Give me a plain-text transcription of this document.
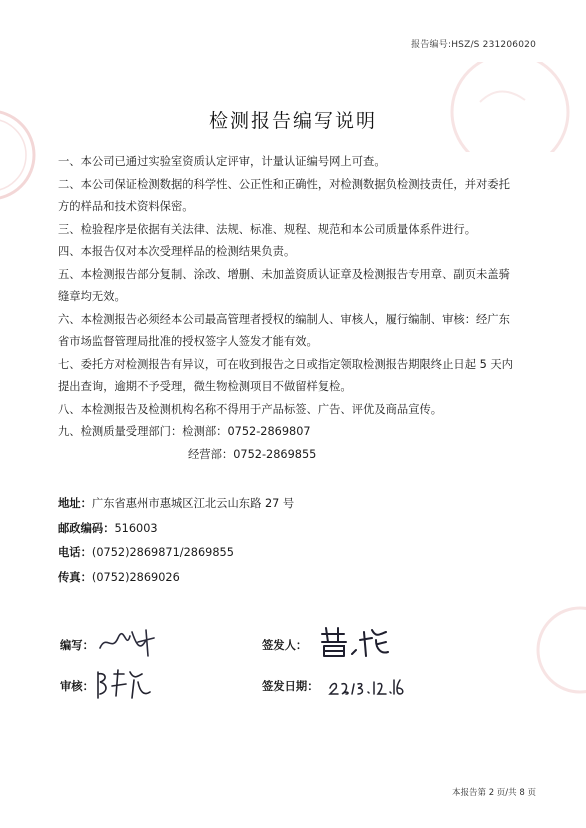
报告编号:HSZ/S 231206020
检测报告编写说明

一、本公司已通过实验室资质认定评审，计量认证编号网上可查。

二、本公司保证检测数据的科学性、公正性和正确性，对检测数据负检测技责任，并对委托

方的样品和技术资料保密。

三、检验程序是依据有关法律、法规、标准、规程、规范和本公司质量体系件进行。

四、本报告仅对本次受理样品的检测结果负责。

五、本检测报告部分复制、涂改、增删、未加盖资质认证章及检测报告专用章、副页未盖骑

缝章均无效。

六、本检测报告必须经本公司最高管理者授权的编制人、审核人，履行编制、审核：经广东

省市场监督管理局批准的授权签字人签发才能有效。

七、委托方对检测报告有异议，可在收到报告之日或指定领取检测报告期限终止日起 5 天内

提出查询，逾期不予受理，微生物检测项目不做留样复检。

八、本检测报告及检测机构名称不得用于产品标签、广告、评优及商品宣传。

九、检测质量受理部门：检测部：0752-2869807

经营部：0752-2869855

地址：广东省惠州市惠城区江北云山东路 27 号
邮政编码：516003
电话：(0752)2869871/2869855
传真：(0752)2869026
编写：	签发人：
审核：	签发日期：
本报告第 2 页/共 8 页
